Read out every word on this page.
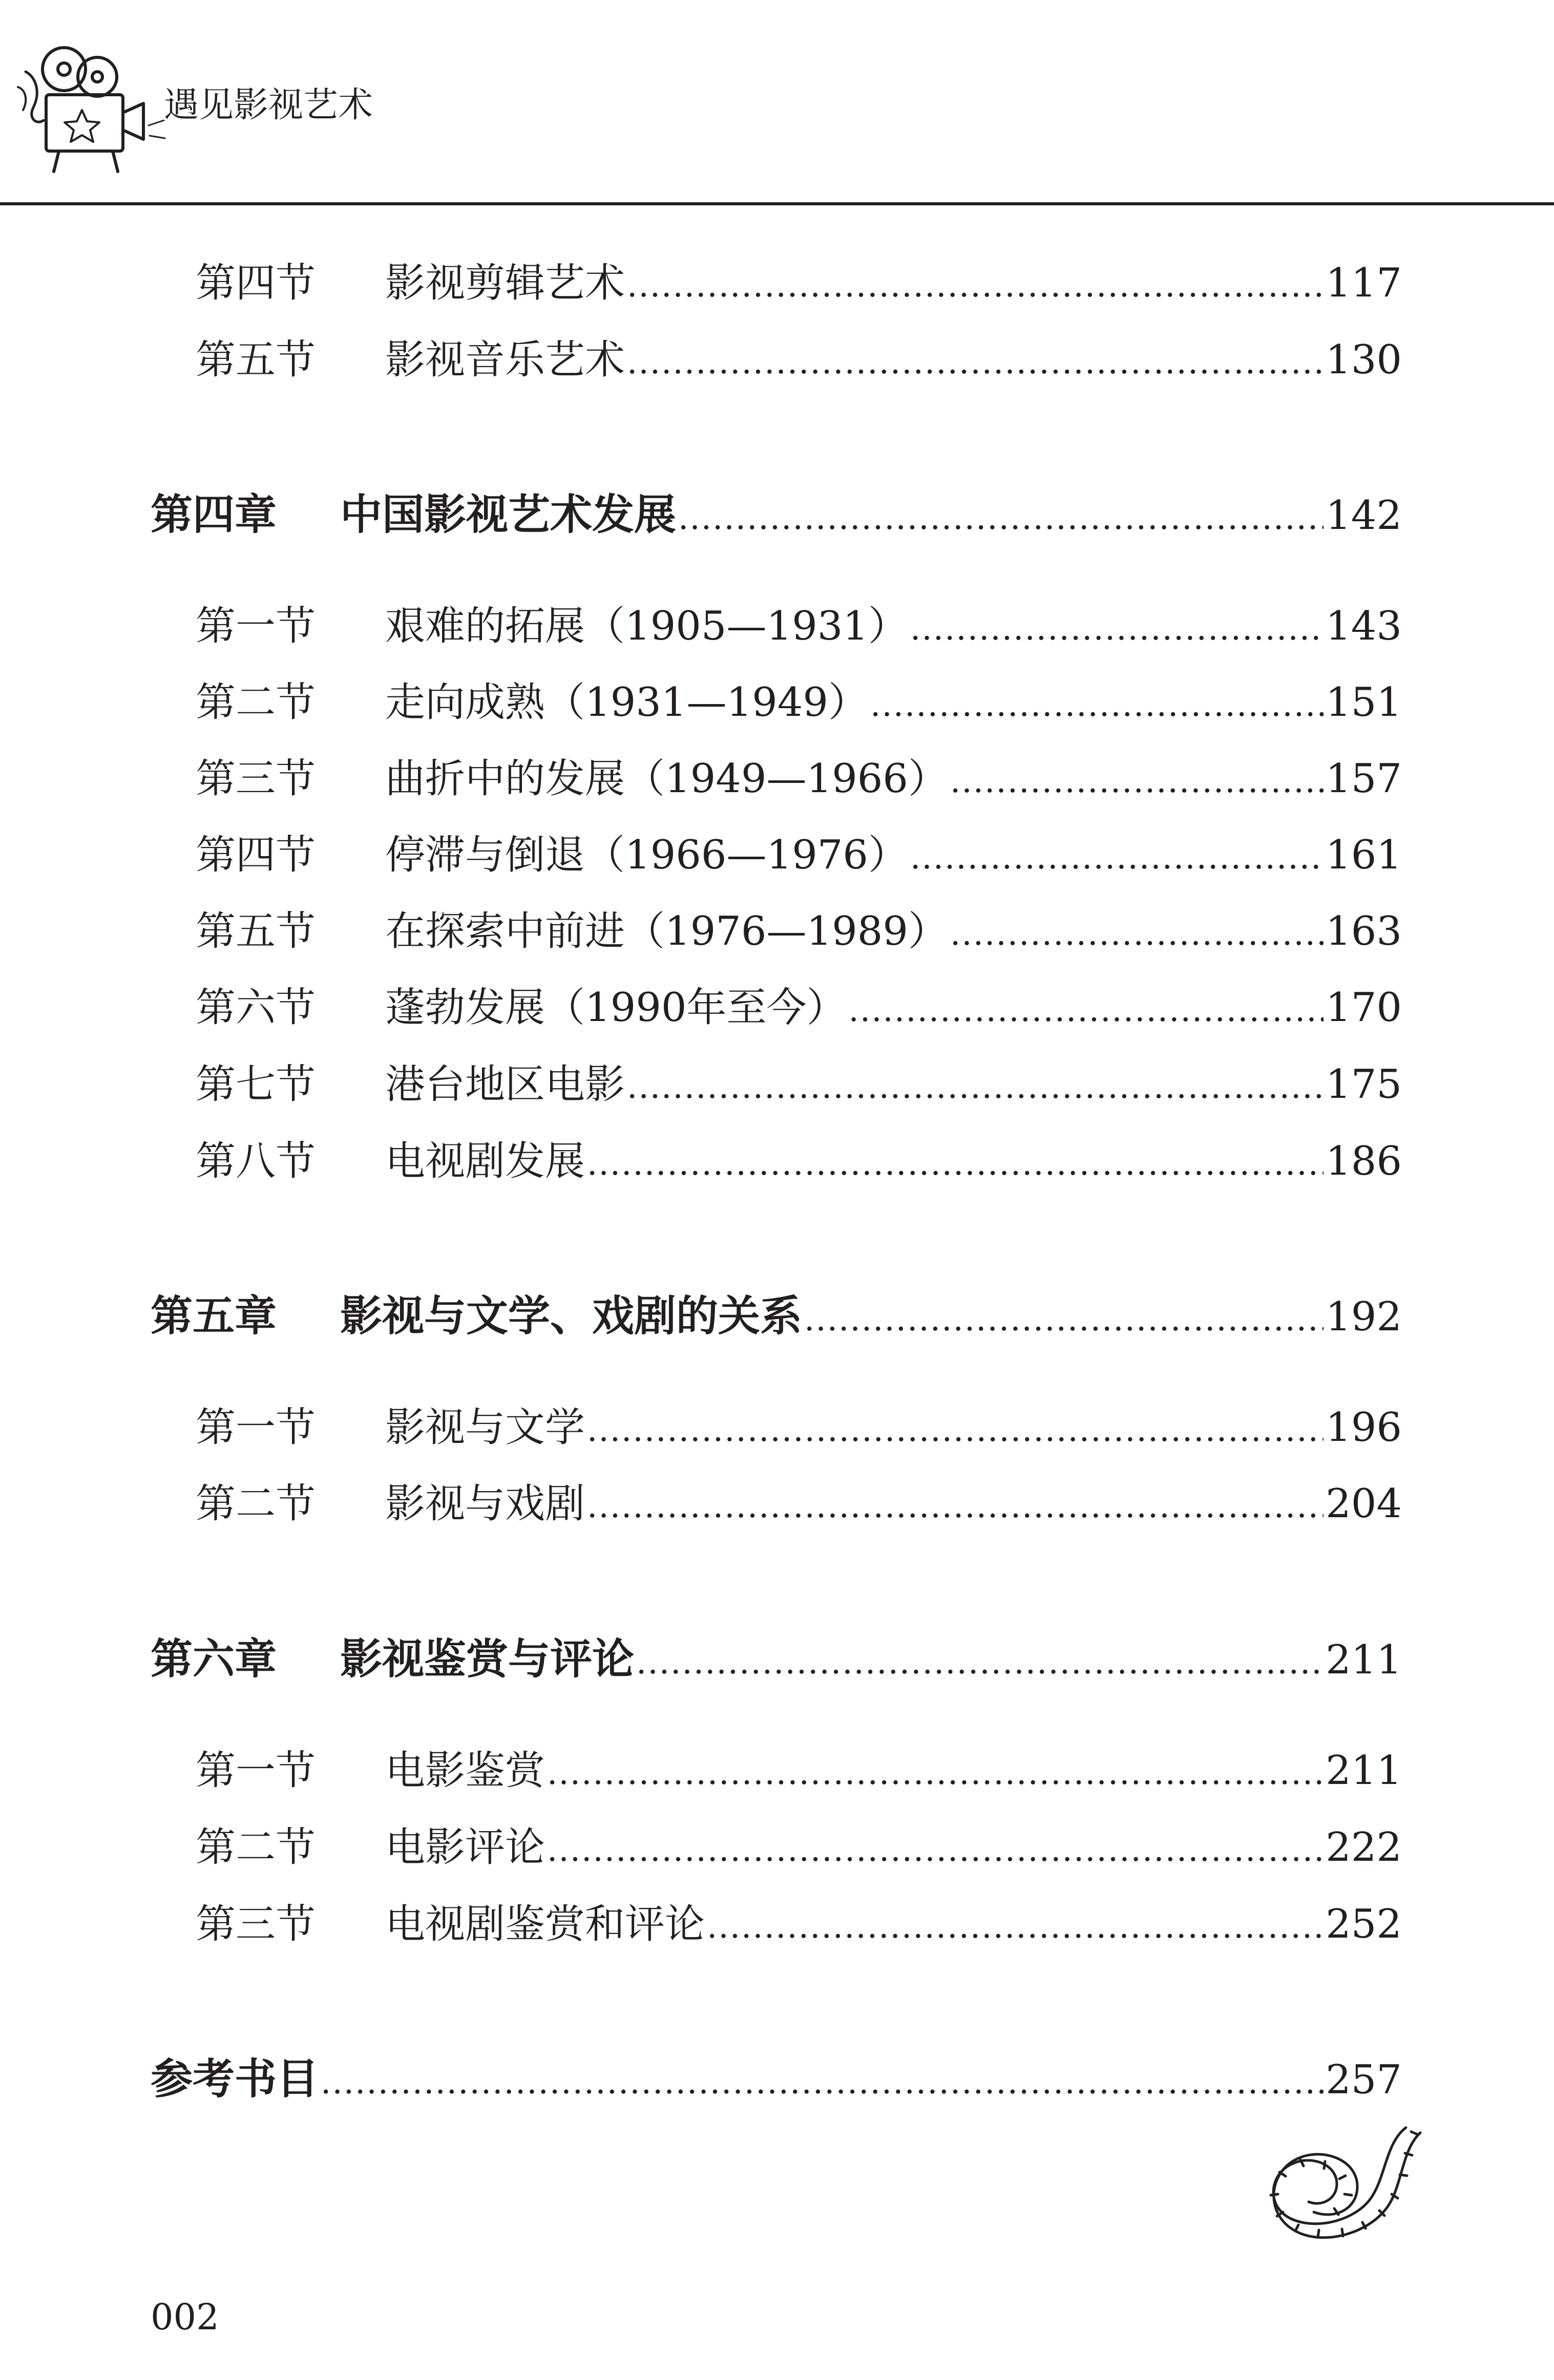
遇见影视艺术
第四节	影视剪辑艺术 .....	117
第五节	影视音乐艺术 .....	130
第四章	中国影视艺术发展 .....	142
第一节	艰难的拓展（1905—1931） .....	143
第二节	走向成熟（1931—1949） .....	151
第三节	曲折中的发展（1949—1966） .....	157
第四节	停滞与倒退（1966—1976） .....	161
第五节	在探索中前进（1976—1989） .....	163
第六节	蓬勃发展（1990年至今） .....	170
第七节	港台地区电影 .....	175
第八节	电视剧发展 .....	186
第五章	影视与文学、戏剧的关系 .....	192
第一节	影视与文学 .....	196
第二节	影视与戏剧 .....	204
第六章	影视鉴赏与评论 .....	211
第一节	电影鉴赏 .....	211
第二节	电影评论 .....	222
第三节	电视剧鉴赏和评论 .....	252
参考书目 .....	257
002
